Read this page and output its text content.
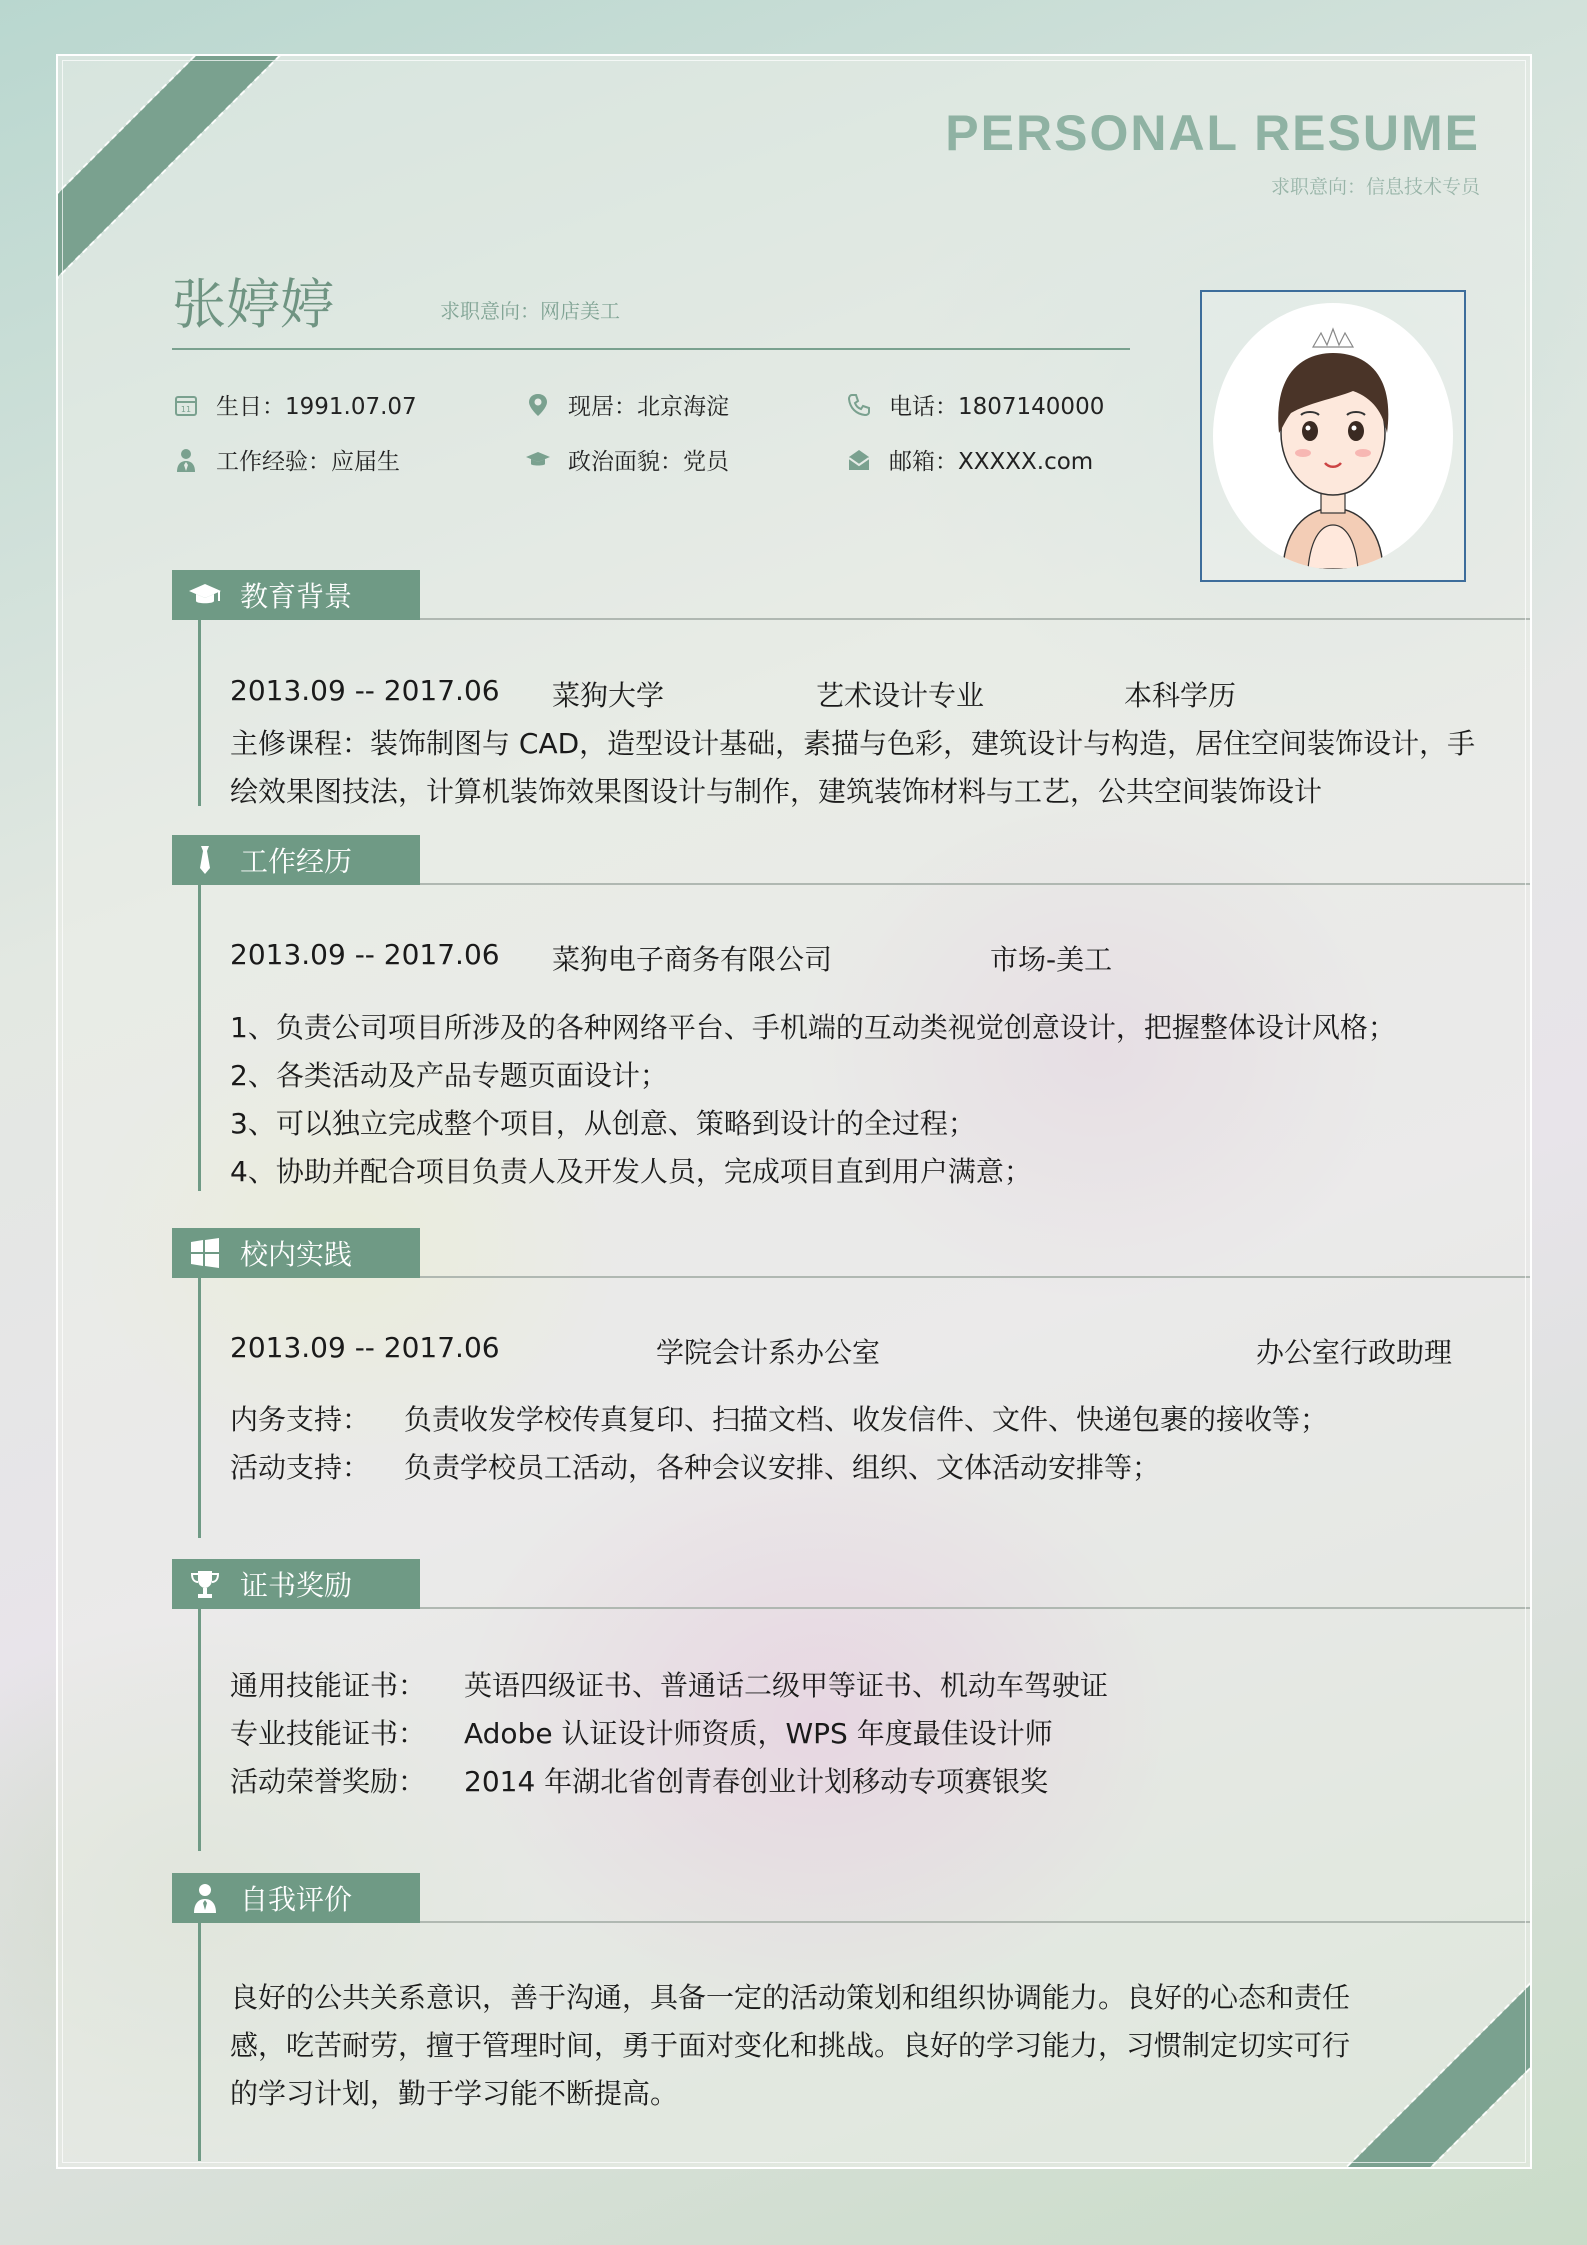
PERSONAL RESUME
求职意向：信息技术专员
张婷婷	求职意向：网店美工
11 生日：1991.07.07	现居：北京海淀	电话：1807140000
工作经验：应届生	政治面貌：党员	邮箱：XXXXX.com
教育背景
2013.09 -- 2017.06 菜狗大学	艺术设计专业	本科学历
主修课程：装饰制图与 CAD，造型设计基础，素描与色彩，建筑设计与构造，居住空间装饰设计，手
绘效果图技法，计算机装饰效果图设计与制作，建筑装饰材料与工艺，公共空间装饰设计
工作经历
2013.09 -- 2017.06 菜狗电子商务有限公司	市场-美工
1、负责公司项目所涉及的各种网络平台、手机端的互动类视觉创意设计，把握整体设计风格；
2、各类活动及产品专题页面设计；
3、可以独立完成整个项目，从创意、策略到设计的全过程；
4、协助并配合项目负责人及开发人员，完成项目直到用户满意；
校内实践
2013.09 -- 2017.06	学院会计系办公室	办公室行政助理
内务支持： 负责收发学校传真复印、扫描文档、收发信件、文件、快递包裹的接收等；
活动支持： 负责学校员工活动，各种会议安排、组织、文体活动安排等；
证书奖励
通用技能证书： 英语四级证书、普通话二级甲等证书、机动车驾驶证
专业技能证书： Adobe 认证设计师资质，WPS 年度最佳设计师
活动荣誉奖励： 2014 年湖北省创青春创业计划移动专项赛银奖
自我评价
良好的公共关系意识，善于沟通，具备一定的活动策划和组织协调能力。良好的心态和责任
感，吃苦耐劳，擅于管理时间，勇于面对变化和挑战。良好的学习能力，习惯制定切实可行
的学习计划，勤于学习能不断提高。
